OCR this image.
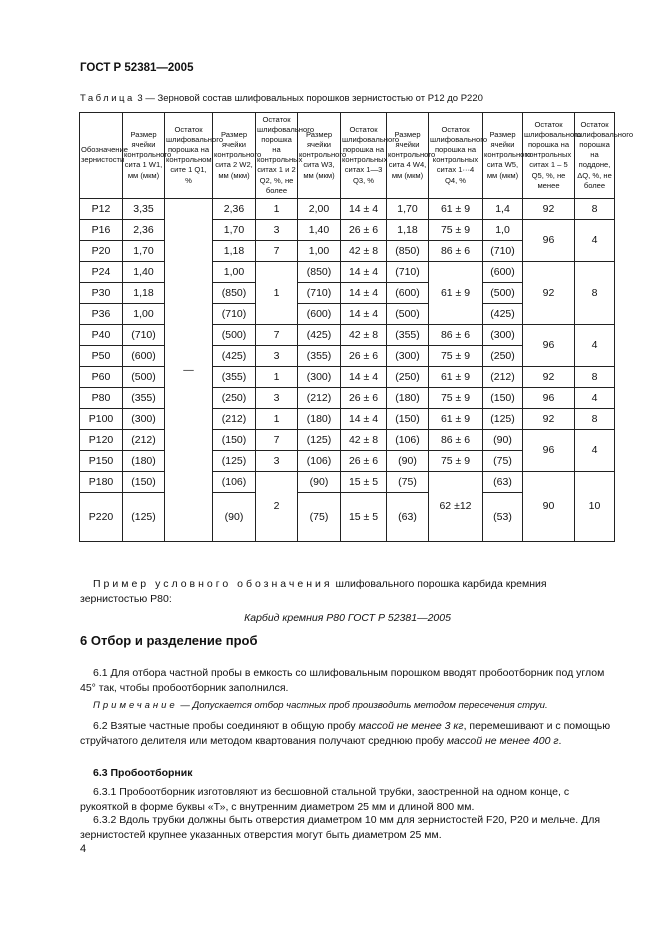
ГОСТ Р 52381—2005
Таблица 3 — Зерновой состав шлифовальных порошков зернистостью от Р12 до Р220
Обозначение зернистости	Размер ячейки контрольного сита 1 W1, мм (мкм)	Остаток шлифовального порошка на контрольном сите 1 Q1, %	Размер ячейки контрольного сита 2 W2, мм (мкм)	Остаток шлифовального порошка на контрольных ситах 1 и 2 Q2, %, не более	Размер ячейки контрольного сита W3, мм (мкм)	Остаток шлифовального порошка на контрольных ситах 1—3 Q3, %	Размер ячейки контрольного сита 4 W4, мм (мкм)	Остаток шлифовального порошка на контрольных ситах 1···4 Q4, %	Размер ячейки контрольного сита W5, мм (мкм)	Остаток шлифовального порошка на контрольных ситах 1 – 5 Q5, %, не менее	Остаток шлифовального порошка на поддоне, ΔQ, %, не более
P12	3,35	—	2,36	1	2,00	14 ± 4	1,70	61 ± 9	1,4	92	8
P16	2,36		1,70	3	1,40	26 ± 6	1,18	75 ± 9	1,0	96	4
P20	1,70		1,18	7	1,00	42 ± 8	(850)	86 ± 6	(710)		
P24	1,40		1,00	1	(850)	14 ± 4	(710)	61 ± 9	(600)	92	8
P30	1,18		(850)		(710)	14 ± 4	(600)		(500)		
P36	1,00		(710)		(600)	14 ± 4	(500)		(425)		
P40	(710)		(500)	7	(425)	42 ± 8	(355)	86 ± 6	(300)	96	4
P50	(600)		(425)	3	(355)	26 ± 6	(300)	75 ± 9	(250)		
P60	(500)		(355)	1	(300)	14 ± 4	(250)	61 ± 9	(212)	92	8
P80	(355)		(250)	3	(212)	26 ± 6	(180)	75 ± 9	(150)	96	4
P100	(300)		(212)	1	(180)	14 ± 4	(150)	61 ± 9	(125)	92	8
P120	(212)		(150)	7	(125)	42 ± 8	(106)	86 ± 6	(90)	96	4
P150	(180)		(125)	3	(106)	26 ± 6	(90)	75 ± 9	(75)		
P180	(150)		(106)	2	(90)	15 ± 5	(75)	62 ±12	(63)	90	10
P220	(125)		(90)		(75)	15 ± 5	(63)		(53)		
Пример условного обозначения шлифовального порошка карбида кремния зернистостью Р80:
Карбид кремния Р80 ГОСТ Р 52381—2005
6 Отбор и разделение проб
6.1 Для отбора частной пробы в емкость со шлифовальным порошком вводят пробоотборник под углом 45° так, чтобы пробоотборник заполнился.
Примечание — Допускается отбор частных проб производить методом пересечения струи.
6.2 Взятые частные пробы соединяют в общую пробу массой не менее 3 кг, перемешивают и с помощью струйчатого делителя или методом квартования получают среднюю пробу массой не менее 400 г.
6.3 Пробоотборник
6.3.1 Пробоотборник изготовляют из бесшовной стальной трубки, заостренной на одном конце, с рукояткой в форме буквы «Т», с внутренним диаметром 25 мм и длиной 800 мм.
6.3.2 Вдоль трубки должны быть отверстия диаметром 10 мм для зернистостей F20, P20 и мельче. Для зернистостей крупнее указанных отверстия могут быть диаметром 25 мм.
4
